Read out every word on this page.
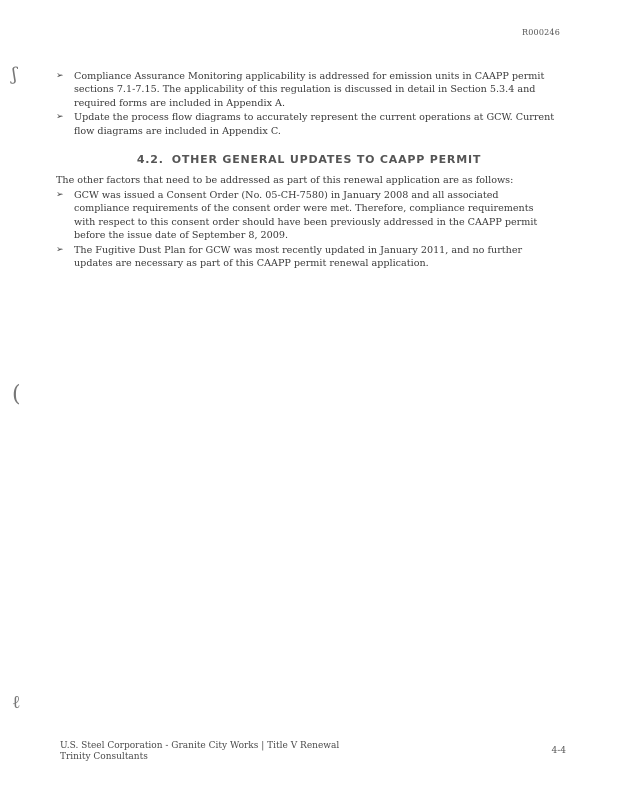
R000246
ʃ
(
ℓ
➢ Compliance Assurance Monitoring applicability is addressed for emission units in CAAPP permit sections 7.1-7.15. The applicability of this regulation is discussed in detail in Section 5.3.4 and required forms are included in Appendix A.
➢ Update the process flow diagrams to accurately represent the current operations at GCW. Current flow diagrams are included in Appendix C.
4.2. OTHER GENERAL UPDATES TO CAAPP PERMIT

The other factors that need to be addressed as part of this renewal application are as follows:

➢ GCW was issued a Consent Order (No. 05-CH-7580) in January 2008 and all associated compliance requirements of the consent order were met. Therefore, compliance requirements with respect to this consent order should have been previously addressed in the CAAPP permit before the issue date of September 8, 2009.
➢ The Fugitive Dust Plan for GCW was most recently updated in January 2011, and no further updates are necessary as part of this CAAPP permit renewal application.
U.S. Steel Corporation - Granite City Works | Title V Renewal
Trinity Consultants
4-4
